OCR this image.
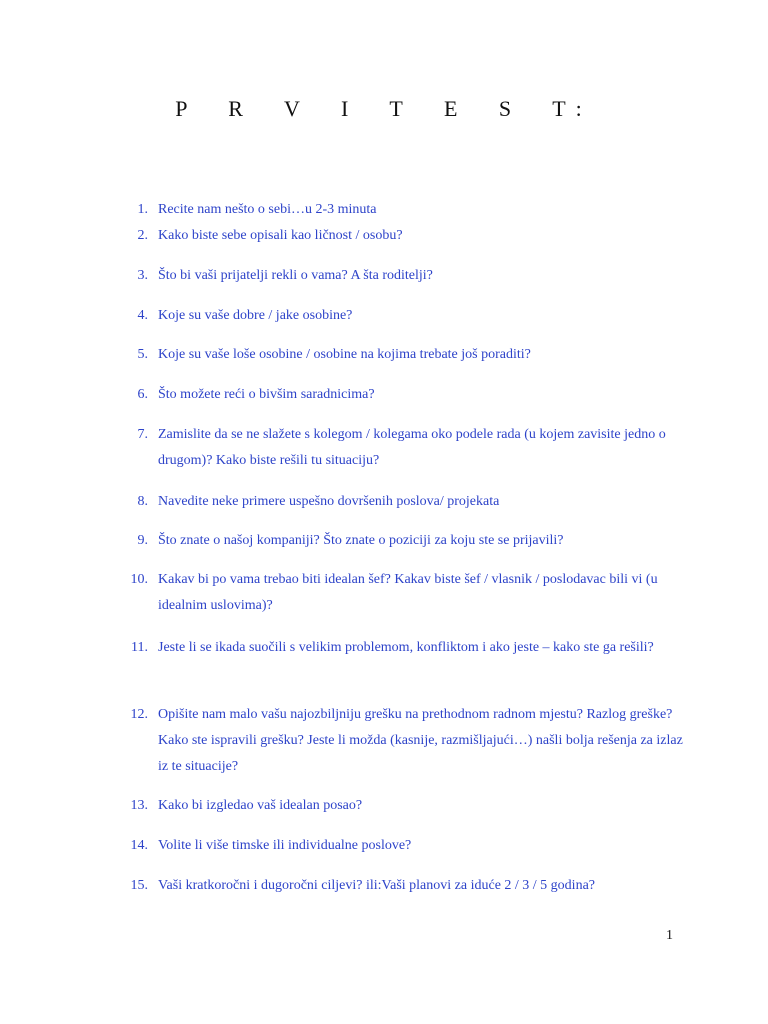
P R V I T E S T:
1. Recite nam nešto o sebi…u 2-3 minuta
2. Kako biste sebe opisali kao ličnost / osobu?
3. Što bi vaši prijatelji rekli o vama? A šta roditelji?
4. Koje su vaše dobre / jake osobine?
5. Koje su vaše loše osobine / osobine na kojima trebate još poraditi?
6. Što možete reći o bivšim saradnicima?
7. Zamislite da se ne slažete s kolegom / kolegama oko podele rada (u kojem zavisite jedno o drugom)? Kako biste rešili tu situaciju?
8. Navedite neke primere uspešno dovršenih poslova/ projekata
9. Što znate o našoj kompaniji? Što znate o poziciji za koju ste se prijavili?
10. Kakav bi po vama trebao biti idealan šef? Kakav biste šef / vlasnik / poslodavac bili vi (u idealnim uslovima)?
11. Jeste li se ikada suočili s velikim problemom, konfliktom i ako jeste – kako ste ga rešili?
12. Opišite nam malo vašu najozbiljniju grešku na prethodnom radnom mjestu? Razlog greške? Kako ste ispravili grešku? Jeste li možda (kasnije, razmišljajući…) našli bolja rešenja za izlaz iz te situacije?
13. Kako bi izgledao vaš idealan posao?
14. Volite li više timske ili individualne poslove?
15. Vaši kratkoročni i dugoročni ciljevi? ili:Vaši planovi za iduće 2 / 3 / 5 godina?
1
